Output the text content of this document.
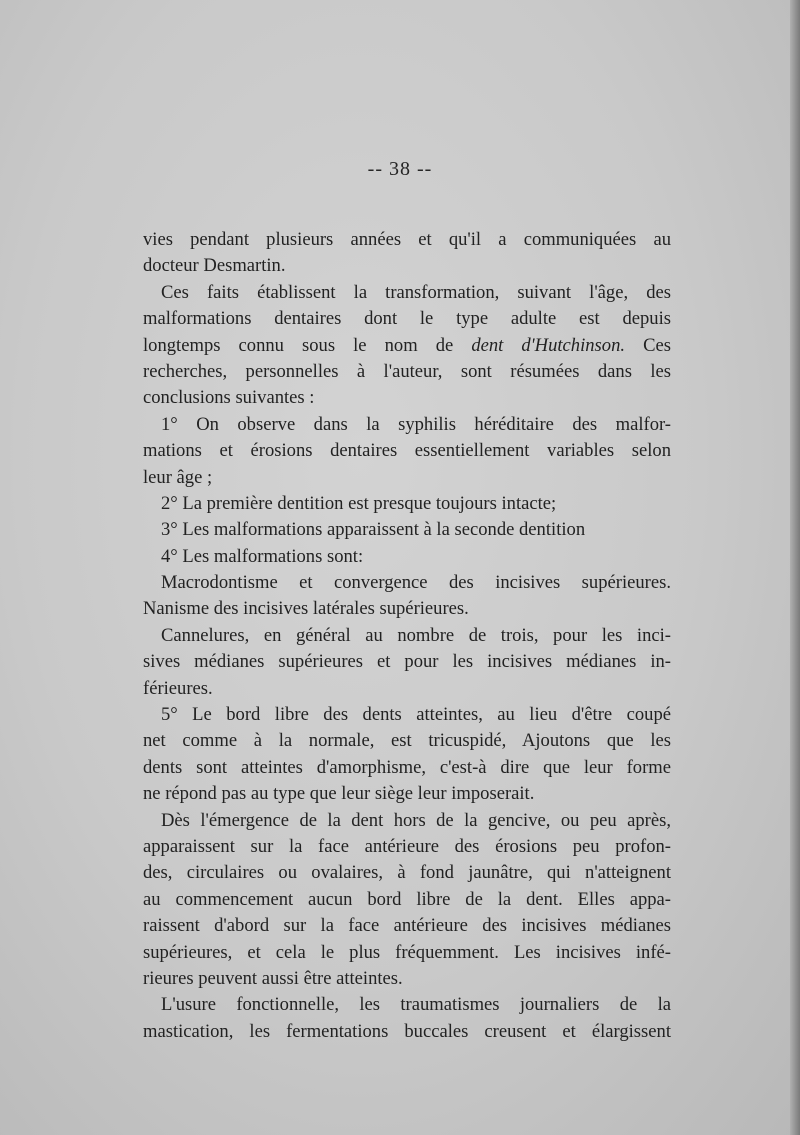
-- 38 --
vies pendant plusieurs années et qu'il a communiquées au
docteur Desmartin.
Ces faits établissent la transformation, suivant l'âge, des
malformations dentaires dont le type adulte est depuis
longtemps connu sous le nom de dent d'Hutchinson. Ces
recherches, personnelles à l'auteur, sont résumées dans les
conclusions suivantes :
1° On observe dans la syphilis héréditaire des malfor-
mations et érosions dentaires essentiellement variables selon
leur âge ;
2° La première dentition est presque toujours intacte;
3° Les malformations apparaissent à la seconde dentition
4° Les malformations sont:
Macrodontisme et convergence des incisives supérieures.
Nanisme des incisives latérales supérieures.
Cannelures, en général au nombre de trois, pour les inci-
sives médianes supérieures et pour les incisives médianes in-
férieures.
5° Le bord libre des dents atteintes, au lieu d'être coupé
net comme à la normale, est tricuspidé, Ajoutons que les
dents sont atteintes d'amorphisme, c'est-à dire que leur forme
ne répond pas au type que leur siège leur imposerait.
Dès l'émergence de la dent hors de la gencive, ou peu après,
apparaissent sur la face antérieure des érosions peu profon-
des, circulaires ou ovalaires, à fond jaunâtre, qui n'atteignent
au commencement aucun bord libre de la dent. Elles appa-
raissent d'abord sur la face antérieure des incisives médianes
supérieures, et cela le plus fréquemment. Les incisives infé-
rieures peuvent aussi être atteintes.
L'usure fonctionnelle, les traumatismes journaliers de la
mastication, les fermentations buccales creusent et élargissent
